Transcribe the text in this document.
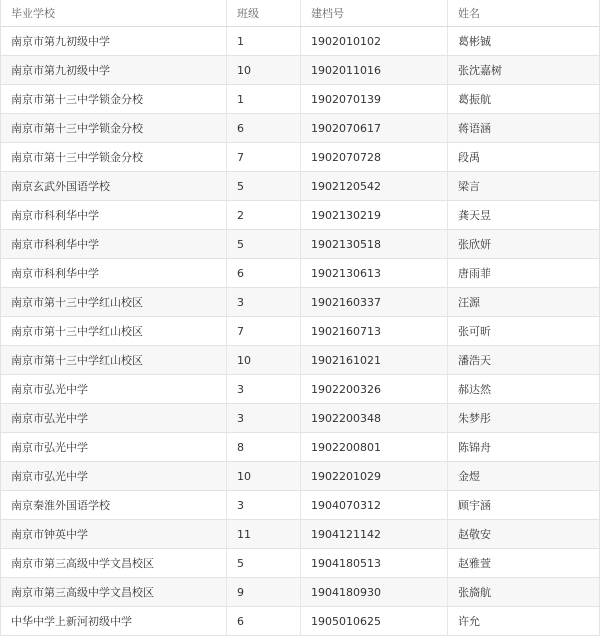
毕业学校	班级	建档号	姓名
南京市第九初级中学	1	1902010102	葛彬铖
南京市第九初级中学	10	1902011016	张沈嘉树
南京市第十三中学锁金分校	1	1902070139	葛振航
南京市第十三中学锁金分校	6	1902070617	蒋语涵
南京市第十三中学锁金分校	7	1902070728	段禹
南京玄武外国语学校	5	1902120542	梁言
南京市科利华中学	2	1902130219	龚天昱
南京市科利华中学	5	1902130518	张欣妍
南京市科利华中学	6	1902130613	唐雨菲
南京市第十三中学红山校区	3	1902160337	汪源
南京市第十三中学红山校区	7	1902160713	张可昕
南京市第十三中学红山校区	10	1902161021	潘浩天
南京市弘光中学	3	1902200326	郝达然
南京市弘光中学	3	1902200348	朱梦彤
南京市弘光中学	8	1902200801	陈锦舟
南京市弘光中学	10	1902201029	金煜
南京秦淮外国语学校	3	1904070312	顾宇涵
南京市钟英中学	11	1904121142	赵敬安
南京市第三高级中学文昌校区	5	1904180513	赵雅萱
南京市第三高级中学文昌校区	9	1904180930	张旖航
中华中学上新河初级中学	6	1905010625	许允
